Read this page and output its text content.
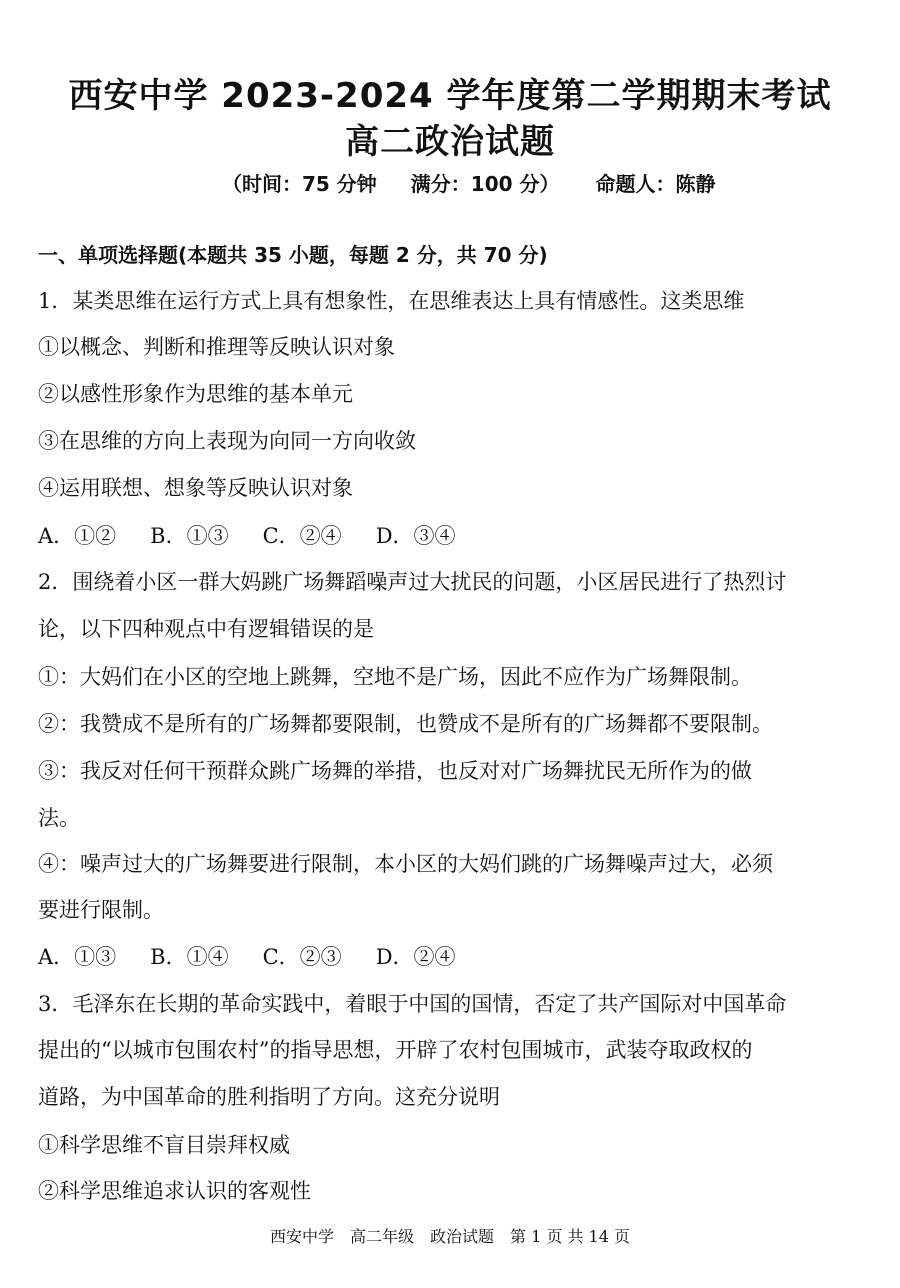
西安中学 2023-2024 学年度第二学期期末考试
高二政治试题
（时间：75 分钟 满分：100 分） 命题人：陈静
一、单项选择题(本题共 35 小题，每题 2 分，共 70 分)
1．某类思维在运行方式上具有想象性，在思维表达上具有情感性。这类思维
①以概念、判断和推理等反映认识对象
②以感性形象作为思维的基本单元
③在思维的方向上表现为向同一方向收敛
④运用联想、想象等反映认识对象
A．①② B．①③ C．②④ D．③④
2．围绕着小区一群大妈跳广场舞蹈噪声过大扰民的问题，小区居民进行了热烈讨
论，以下四种观点中有逻辑错误的是
①：大妈们在小区的空地上跳舞，空地不是广场，因此不应作为广场舞限制。
②：我赞成不是所有的广场舞都要限制，也赞成不是所有的广场舞都不要限制。
③：我反对任何干预群众跳广场舞的举措，也反对对广场舞扰民无所作为的做
法。
④：噪声过大的广场舞要进行限制，本小区的大妈们跳的广场舞噪声过大，必须
要进行限制。
A．①③ B．①④ C．②③ D．②④
3．毛泽东在长期的革命实践中，着眼于中国的国情，否定了共产国际对中国革命
提出的“以城市包围农村”的指导思想，开辟了农村包围城市，武装夺取政权的
道路，为中国革命的胜利指明了方向。这充分说明
①科学思维不盲目崇拜权威
②科学思维追求认识的客观性
西安中学 高二年级 政治试题 第 1 页 共 14 页
